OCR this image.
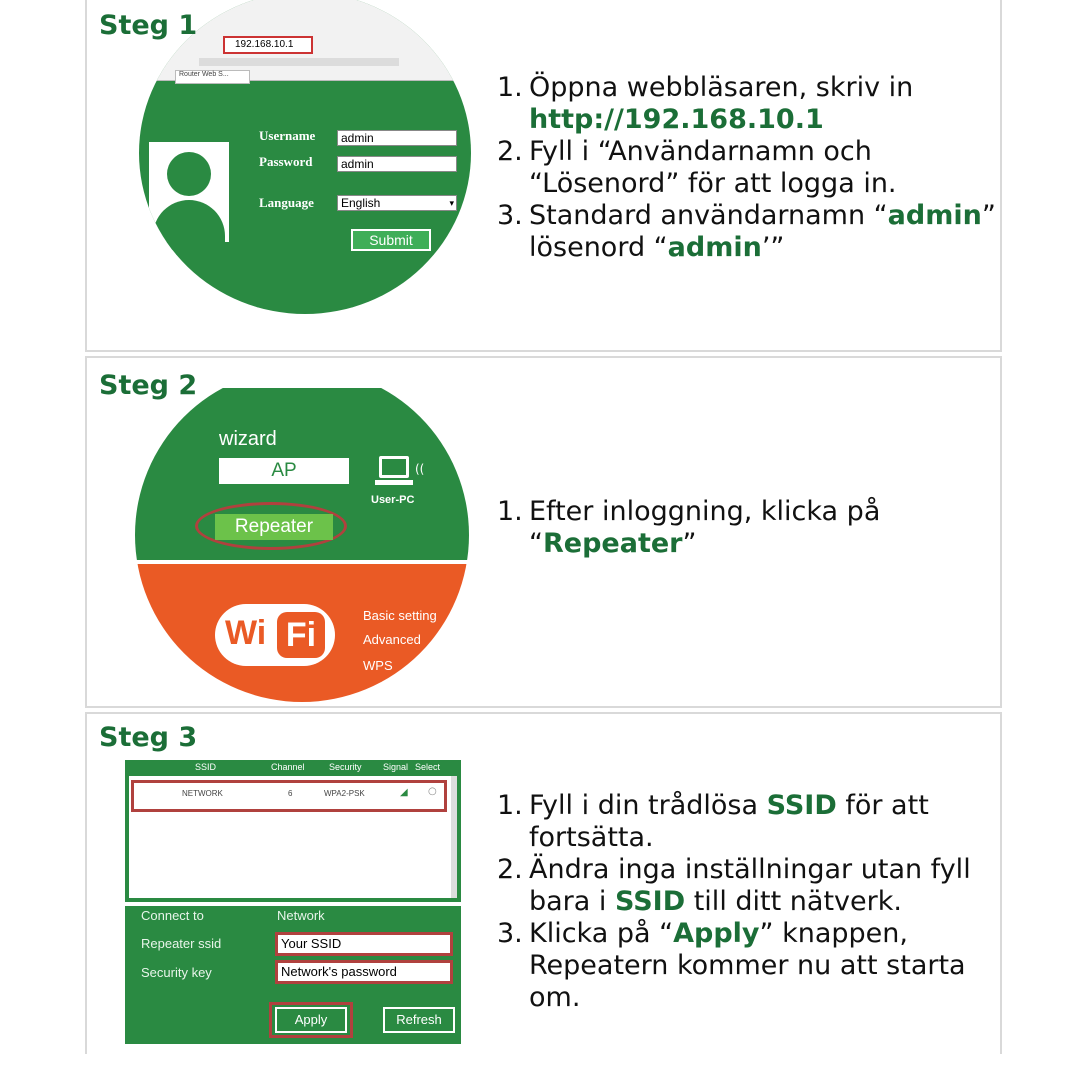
Steg 1
192.168.10.1
Router Web S...
Username	admin
Password	admin
Language	English	▾
Submit
1. Öppna webbläsaren, skriv in
http://192.168.10.1
2. Fyll i “Användarnamn och “Lösenord” för att logga in.
3. Standard användarnamn “admin” lösenord “admin’”
Steg 2
wizard
AP
Repeater
((
User-PC
Wi Fi
Basic setting
Advanced
WPS
1. Efter inloggning, klicka på “Repeater”
Steg 3
SSID	Channel	Security Signal Select
NETWORK	6	WPA2-PSK	◢ ○
Connect to	Network
Repeater ssid	Your SSID
Security key	Network's password
Apply	Refresh
1. Fyll i din trådlösa SSID för att fortsätta.
2. Ändra inga inställningar utan fyll bara i SSID till ditt nätverk.
3. Klicka på “Apply” knappen, Repeatern kommer nu att starta om.
